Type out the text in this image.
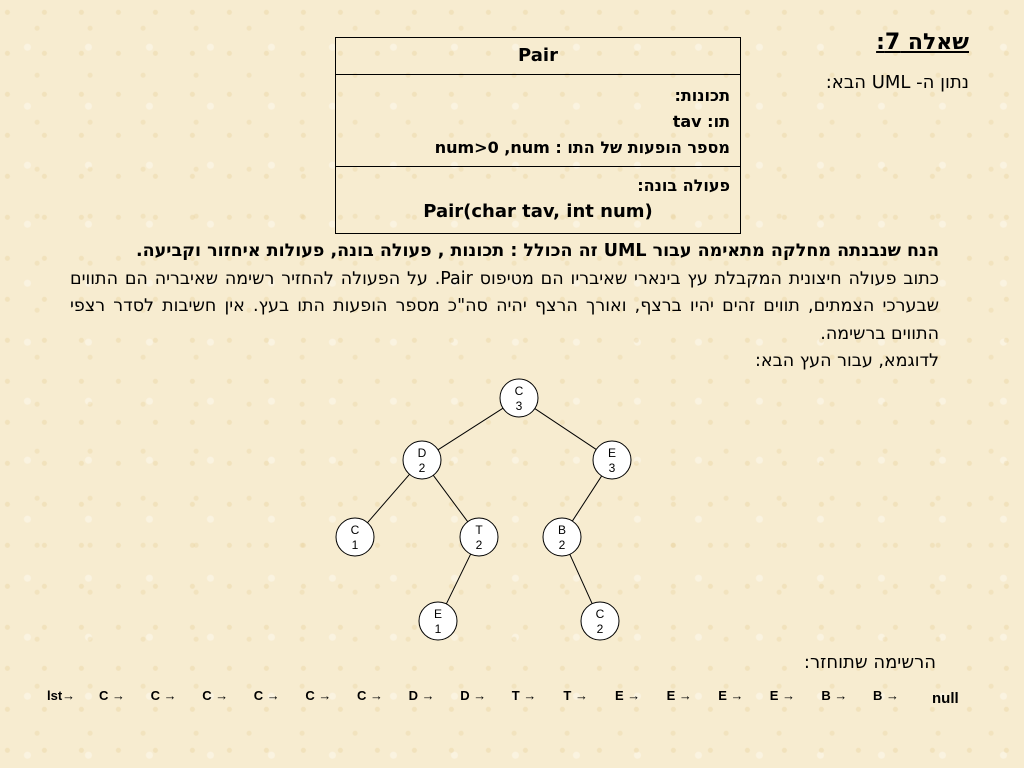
שאלה 7:
נתון ה- UML הבא:
Pair
תכונות:
תו: tav
מספר הופעות של התו : num>0 ,num
פעולה בונה:
Pair(char tav, int num)

הנח שנבנתה מחלקה מתאימה עבור UML זה הכולל : תכונות , פעולה בונה, פעולות איחזור וקביעה.

כתוב פעולה חיצונית המקבלת עץ בינארי שאיבריו הם מטיפוס Pair. על הפעולה להחזיר רשימה שאיבריה הם התווים שבערכי הצמתים, תווים זהים יהיו ברצף, ואורך הרצף יהיה סה"כ מספר הופעות התו בעץ. אין חשיבות לסדר רצפי התווים ברשימה.

לדוגמא, עבור העץ הבא:

C
3
D
2
E
3
C
1
T
2
B
2
E
1
C
2
הרשימה שתוחזר:
lst→ C → C → C → C → C → C → D → D → T → T → E → E → E → E → B → B → null
